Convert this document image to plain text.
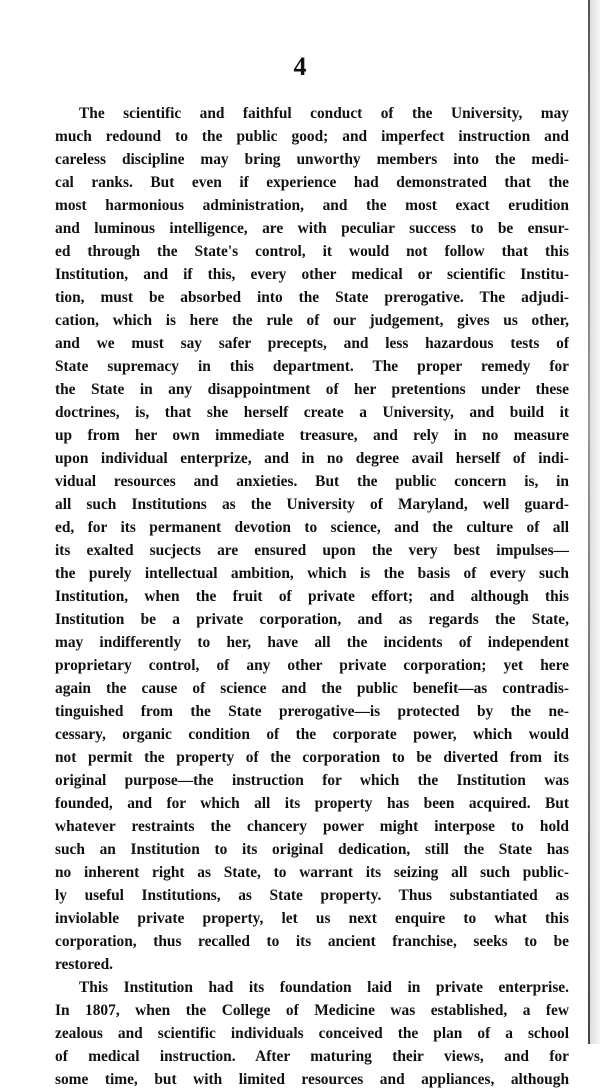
4
The scientific and faithful conduct of the University, may
much redound to the public good; and imperfect instruction and
careless discipline may bring unworthy members into the medi-
cal ranks. But even if experience had demonstrated that the
most harmonious administration, and the most exact erudition
and luminous intelligence, are with peculiar success to be ensur-
ed through the State's control, it would not follow that this
Institution, and if this, every other medical or scientific Institu-
tion, must be absorbed into the State prerogative. The adjudi-
cation, which is here the rule of our judgement, gives us other,
and we must say safer precepts, and less hazardous tests of
State supremacy in this department. The proper remedy for
the State in any disappointment of her pretentions under these
doctrines, is, that she herself create a University, and build it
up from her own immediate treasure, and rely in no measure
upon individual enterprize, and in no degree avail herself of indi-
vidual resources and anxieties. But the public concern is, in
all such Institutions as the University of Maryland, well guard-
ed, for its permanent devotion to science, and the culture of all
its exalted sucjects are ensured upon the very best impulses—
the purely intellectual ambition, which is the basis of every such
Institution, when the fruit of private effort; and although this
Institution be a private corporation, and as regards the State,
may indifferently to her, have all the incidents of independent
proprietary control, of any other private corporation; yet here
again the cause of science and the public benefit—as contradis-
tinguished from the State prerogative—is protected by the ne-
cessary, organic condition of the corporate power, which would
not permit the property of the corporation to be diverted from its
original purpose—the instruction for which the Institution was
founded, and for which all its property has been acquired. But
whatever restraints the chancery power might interpose to hold
such an Institution to its original dedication, still the State has
no inherent right as State, to warrant its seizing all such public-
ly useful Institutions, as State property. Thus substantiated as
inviolable private property, let us next enquire to what this
corporation, thus recalled to its ancient franchise, seeks to be
restored.
This Institution had its foundation laid in private enterprise.
In 1807, when the College of Medicine was established, a few
zealous and scientific individuals conceived the plan of a school
of medical instruction. After maturing their views, and for
some time, but with limited resources and appliances, although
